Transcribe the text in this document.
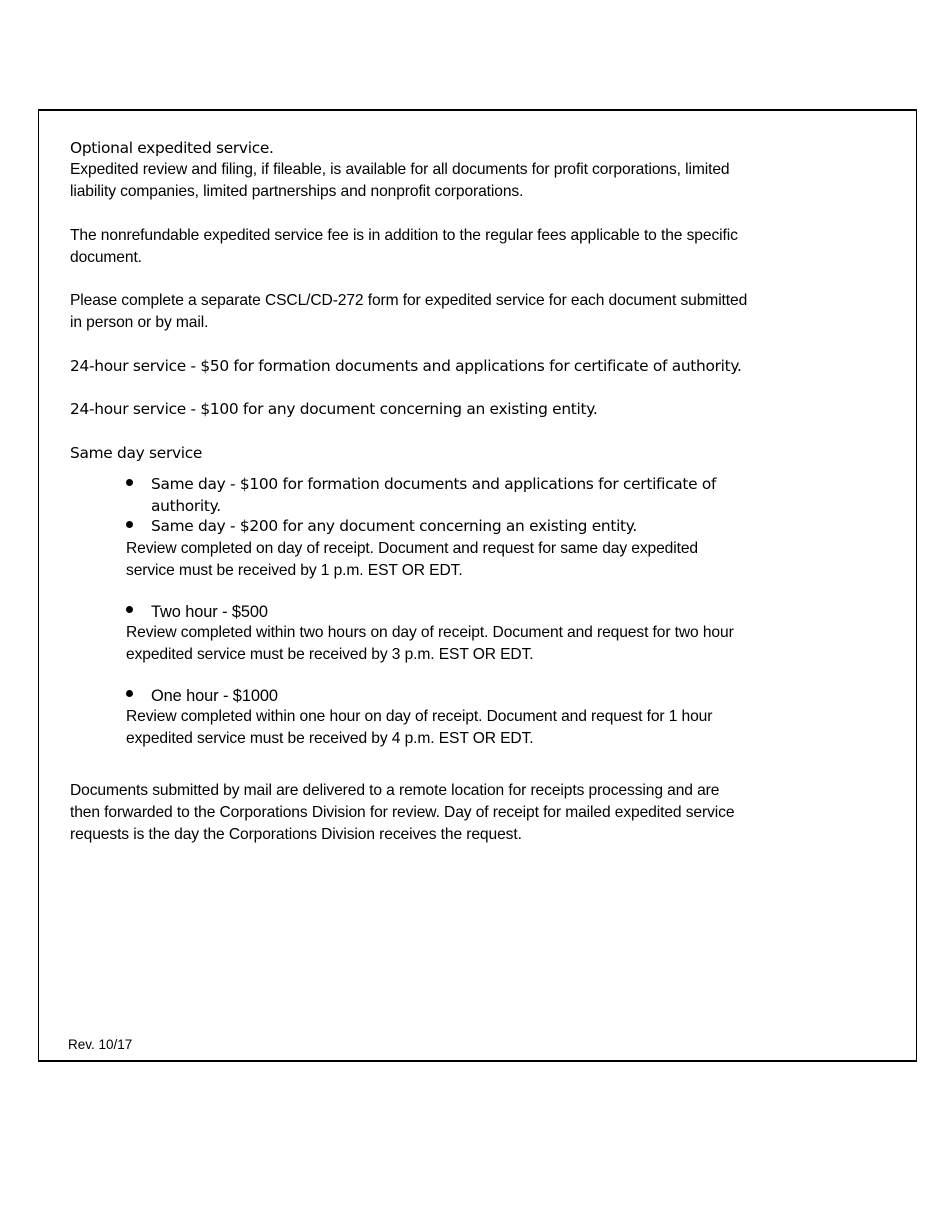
Optional expedited service.
Expedited review and filing, if fileable, is available for all documents for profit corporations, limited
liability companies, limited partnerships and nonprofit corporations.
The nonrefundable expedited service fee is in addition to the regular fees applicable to the specific
document.
Please complete a separate CSCL/CD-272 form for expedited service for each document submitted
in person or by mail.
24-hour service - $50 for formation documents and applications for certificate of authority.
24-hour service - $100 for any document concerning an existing entity.
Same day service
Same day - $100 for formation documents and applications for certificate of
authority.
Same day - $200 for any document concerning an existing entity.
Review completed on day of receipt. Document and request for same day expedited
service must be received by 1 p.m. EST OR EDT.
Two hour - $500
Review completed within two hours on day of receipt. Document and request for two hour
expedited service must be received by 3 p.m. EST OR EDT.
One hour - $1000
Review completed within one hour on day of receipt. Document and request for 1 hour
expedited service must be received by 4 p.m. EST OR EDT.
Documents submitted by mail are delivered to a remote location for receipts processing and are
then forwarded to the Corporations Division for review. Day of receipt for mailed expedited service
requests is the day the Corporations Division receives the request.
Rev. 10/17
